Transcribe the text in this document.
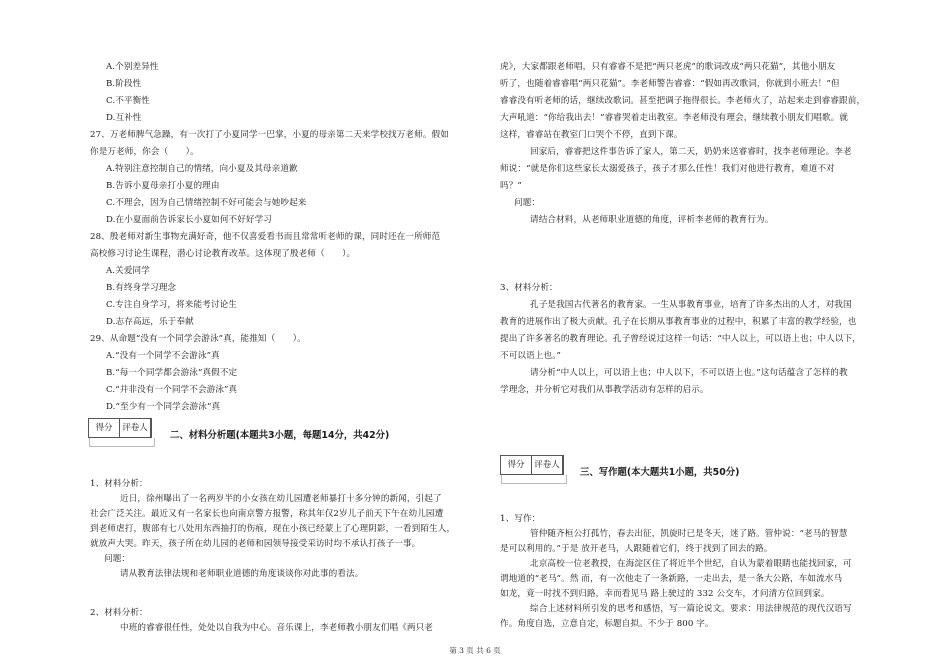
A.个别差异性
B.阶段性
C.不平衡性
D.互补性
27、万老师脾气急躁，有一次打了小夏同学一巴掌，小夏的母亲第二天来学校找万老师。假如
你是万老师，你会（　　）。
A.特别注意控制自己的情绪，向小夏及其母亲道歉
B.告诉小夏母亲打小夏的理由
C.不理会，因为自己情绪控制不好可能会与她吵起来
D.在小夏面前告诉家长小夏如何不好好学习
28、殷老师对新生事物充满好奇，他不仅喜爱看书而且常常听老师的课，同时还在一所师范
高校修习讨论生课程，潜心讨论教育改革。这体现了殷老师（　　）。
A.关爱同学
B.有终身学习理念
C.专注自身学习，将来能考讨论生
D.志存高远，乐于奉献
29、从命题“没有一个同学会游泳”真，能推知（　　）。
A.“没有一个同学不会游泳”真
B.“每一个同学都会游泳”真假不定
C.“并非没有一个同学不会游泳”真
D.“至少有一个同学会游泳”真
得分	评卷人
二、材料分析题(本题共3小题，每题14分，共42分)
1、材料分析：
近日，徐州曝出了一名两岁半的小女孩在幼儿园遭老师暴打十多分钟的新闻，引起了
社会广泛关注。最近又有一名家长也向南京警方报警，称其年仅2岁儿子前天下午在幼儿园遭
到老师虐打，腹部有七八处用东西抽打的伤痕，现在小孩已经蒙上了心理阴影，一看到陌生人，
就放声大哭。昨天，孩子所在幼儿园的老师和园领导接受采访时均不承认打孩子一事。
问题：
请从教育法律法规和老师职业道德的角度谈谈你对此事的看法。
2、材料分析：
中班的睿睿很任性，处处以自我为中心。音乐课上，李老师教小朋友们唱《两只老
虎》，大家都跟老师唱，只有睿睿不是把“两只老虎”的歌词改成“两只花猫”，其他小朋友
听了，也随着睿睿唱“两只花猫”。李老师警告睿睿：“假如再改歌词，你就到小班去！”但
睿睿没有听老师的话，继续改歌词。甚至把调子拖得很长。李老师火了，站起来走到睿睿跟前，
大声吼道：“你给我出去！”睿睿哭着走出教室。李老师没有理会，继续教小朋友们唱歌。就
这样，睿睿站在教室门口哭个不停，直到下课。
回家后，睿睿把这件事告诉了家人，第二天，奶奶来送睿睿时，找李老师理论。李老
师说：“就是你们这些家长太溺爱孩子，孩子才那么任性！我们对他进行教育，难道不对
吗？”
问题：
请结合材料，从老师职业道德的角度，评析李老师的教育行为。
3、材料分析：
孔子是我国古代著名的教育家。一生从事教育事业，培育了许多杰出的人才，对我国
教育的进展作出了极大贡献。孔子在长期从事教育事业的过程中，积累了丰富的教学经验，也
提出了许多著名的教育理论。孔子曾经说过这样一句话：“中人以上，可以语上也；中人以下，
不可以语上也。”
请分析“中人以上，可以语上也；中人以下，不可以语上也。”这句话蕴含了怎样的教
学理念，并分析它对我们从事教学活动有怎样的启示。
得分	评卷人
三、写作题(本大题共1小题，共50分)
1、写作：
管仲随齐桓公打孤竹，春去出征，凯旋时已是冬天，迷了路。管仲说：“老马的智慧
是可以利用的。”于是 放开老马，人跟随着它们，终于找到了回去的路。
北京高校一位老教授，在海淀区住了将近半个世纪，自认为蒙着眼睛也能找回家，可
谓地道的“老马”。然 而，有一次他走了一条新路，一走出去，是一条大公路，车如流水马
如龙，竟一时找不到归路，幸而看见马 路上驶过的 332 公交车，才问清方位回到家。
综合上述材料所引发的思考和感悟，写一篇论说文。要求：用法律规范的现代汉语写
作。角度自选，立意自定，标题自拟。不少于 800 字。
第 3 页 共 6 页
